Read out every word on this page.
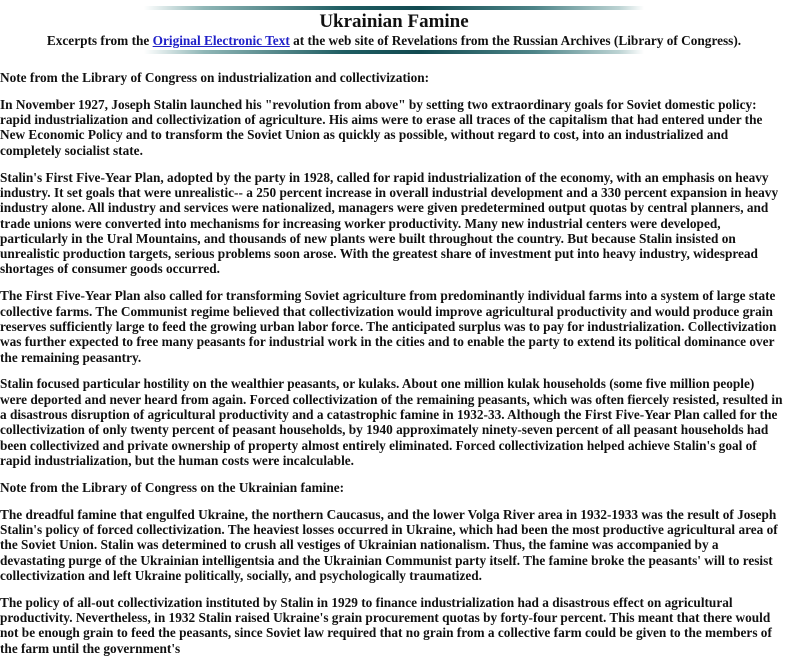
Ukrainian Famine
Excerpts from the Original Electronic Text at the web site of Revelations from the Russian Archives (Library of Congress).

Note from the Library of Congress on industrialization and collectivization:

In November 1927, Joseph Stalin launched his "revolution from above" by setting two extraordinary goals for Soviet domestic policy: rapid industrialization and collectivization of agriculture. His aims were to erase all traces of the capitalism that had entered under the New Economic Policy and to transform the Soviet Union as quickly as possible, without regard to cost, into an industrialized and completely socialist state.

Stalin's First Five-Year Plan, adopted by the party in 1928, called for rapid industrialization of the economy, with an emphasis on heavy industry. It set goals that were unrealistic-- a 250 percent increase in overall industrial development and a 330 percent expansion in heavy industry alone. All industry and services were nationalized, managers were given predetermined output quotas by central planners, and trade unions were converted into mechanisms for increasing worker productivity. Many new industrial centers were developed, particularly in the Ural Mountains, and thousands of new plants were built throughout the country. But because Stalin insisted on unrealistic production targets, serious problems soon arose. With the greatest share of investment put into heavy industry, widespread shortages of consumer goods occurred.

The First Five-Year Plan also called for transforming Soviet agriculture from predominantly individual farms into a system of large state collective farms. The Communist regime believed that collectivization would improve agricultural productivity and would produce grain reserves sufficiently large to feed the growing urban labor force. The anticipated surplus was to pay for industrialization. Collectivization was further expected to free many peasants for industrial work in the cities and to enable the party to extend its political dominance over the remaining peasantry.

Stalin focused particular hostility on the wealthier peasants, or kulaks. About one million kulak households (some five million people) were deported and never heard from again. Forced collectivization of the remaining peasants, which was often fiercely resisted, resulted in a disastrous disruption of agricultural productivity and a catastrophic famine in 1932-33. Although the First Five-Year Plan called for the collectivization of only twenty percent of peasant households, by 1940 approximately ninety-seven percent of all peasant households had been collectivized and private ownership of property almost entirely eliminated. Forced collectivization helped achieve Stalin's goal of rapid industrialization, but the human costs were incalculable.

Note from the Library of Congress on the Ukrainian famine:

The dreadful famine that engulfed Ukraine, the northern Caucasus, and the lower Volga River area in 1932-1933 was the result of Joseph Stalin's policy of forced collectivization. The heaviest losses occurred in Ukraine, which had been the most productive agricultural area of the Soviet Union. Stalin was determined to crush all vestiges of Ukrainian nationalism. Thus, the famine was accompanied by a devastating purge of the Ukrainian intelligentsia and the Ukrainian Communist party itself. The famine broke the peasants' will to resist collectivization and left Ukraine politically, socially, and psychologically traumatized.

The policy of all-out collectivization instituted by Stalin in 1929 to finance industrialization had a disastrous effect on agricultural productivity. Nevertheless, in 1932 Stalin raised Ukraine's grain procurement quotas by forty-four percent. This meant that there would not be enough grain to feed the peasants, since Soviet law required that no grain from a collective farm could be given to the members of the farm until the government's
